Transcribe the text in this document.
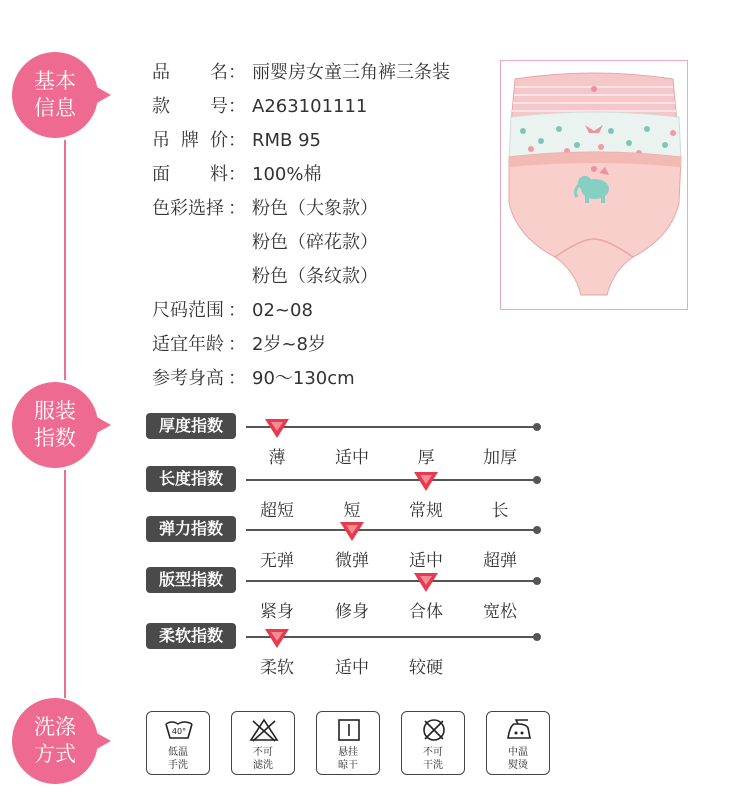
基本信息
服装指数
洗涤方式
品名： 丽婴房女童三角裤三条装
款号： A263101111
吊牌价： RMB 95
面料： 100%棉
色彩选择 ： 粉色（大象款）
粉色（碎花款）
粉色（条纹款）
尺码范围 ： 02~08
适宜年龄 ： 2岁~8岁
参考身高 ： 90～130cm
厚度指数
薄	适中	厚	加厚
长度指数
超短	短	常规	长
弹力指数
无弹	微弹	适中	超弹
版型指数
紧身	修身	合体	宽松
柔软指数
柔软	适中	较硬
40°
低温
手洗
不可
滤洗
悬挂
晾干
不可
干洗
中温
熨烫
